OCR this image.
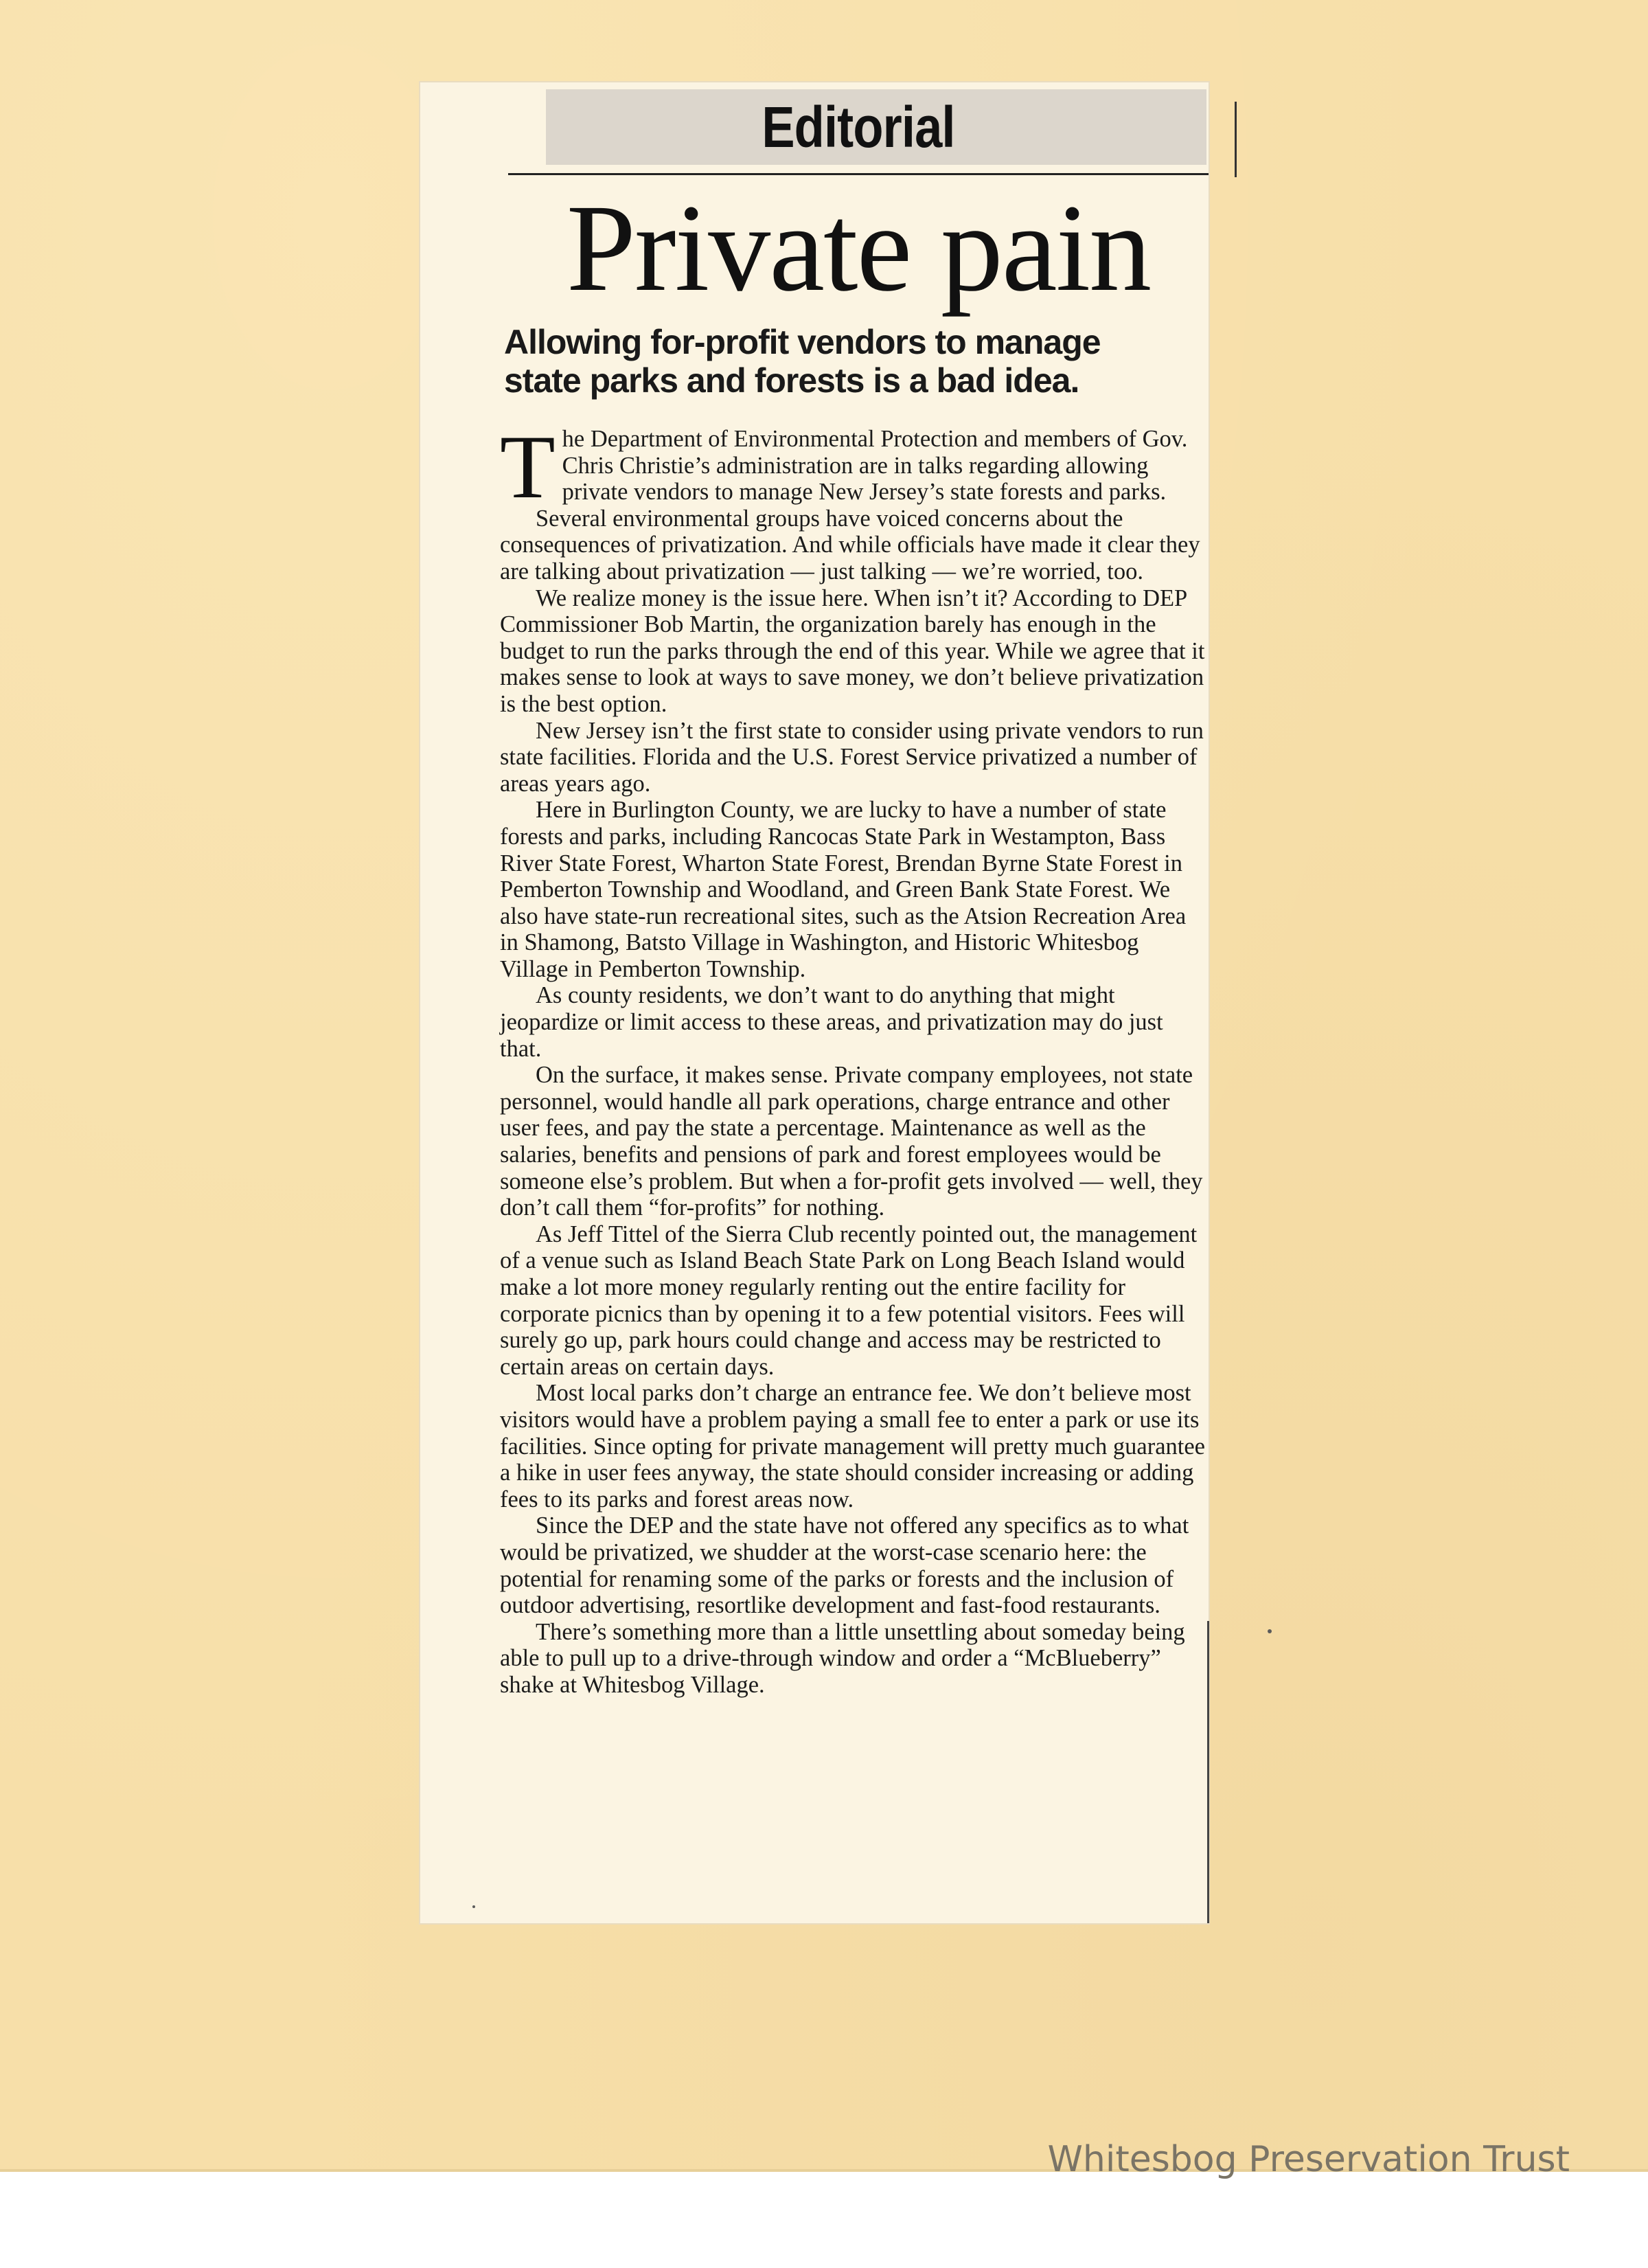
Editorial
Private pain
Allowing for-profit vendors to manage
state parks and forests is a bad idea.

The Department of Environmental Protection and members of Gov. Chris Christie’s administration are in talks regarding allowing private vendors to manage New Jersey’s state forests and parks.

Several environmental groups have voiced concerns about the consequences of privatization. And while officials have made it clear they are talking about privatization — just talking — we’re worried, too.

We realize money is the issue here. When isn’t it? According to DEP Commissioner Bob Martin, the organization barely has enough in the budget to run the parks through the end of this year. While we agree that it makes sense to look at ways to save money, we don’t believe privatization is the best option.

New Jersey isn’t the first state to consider using private vendors to run state facilities. Florida and the U.S. Forest Service privatized a number of areas years ago.

Here in Burlington County, we are lucky to have a number of state forests and parks, including Rancocas State Park in Westampton, Bass River State Forest, Wharton State Forest, Brendan Byrne State Forest in Pemberton Township and Woodland, and Green Bank State Forest. We also have state-run recreational sites, such as the Atsion Recreation Area in Shamong, Batsto Village in Washington, and Historic Whitesbog Village in Pemberton Township.

As county residents, we don’t want to do anything that might jeopardize or limit access to these areas, and privatization may do just that.

On the surface, it makes sense. Private company employees, not state personnel, would handle all park operations, charge entrance and other user fees, and pay the state a percentage. Maintenance as well as the salaries, benefits and pensions of park and forest employees would be someone else’s problem. But when a for-profit gets involved — well, they don’t call them “for-profits” for nothing.

As Jeff Tittel of the Sierra Club recently pointed out, the management of a venue such as Island Beach State Park on Long Beach Island would make a lot more money regularly renting out the entire facility for corporate picnics than by opening it to a few potential visitors. Fees will surely go up, park hours could change and access may be restricted to certain areas on certain days.

Most local parks don’t charge an entrance fee. We don’t believe most visitors would have a problem paying a small fee to enter a park or use its facilities. Since opting for private management will pretty much guarantee a hike in user fees anyway, the state should consider increasing or adding fees to its parks and forest areas now.

Since the DEP and the state have not offered any specifics as to what would be privatized, we shudder at the worst-case scenario here: the potential for renaming some of the parks or forests and the inclusion of outdoor advertising, resortlike development and fast-food restaurants.

There’s something more than a little unsettling about someday being able to pull up to a drive-through window and order a “McBlueberry” shake at Whitesbog Village.

Whitesbog Preservation Trust
